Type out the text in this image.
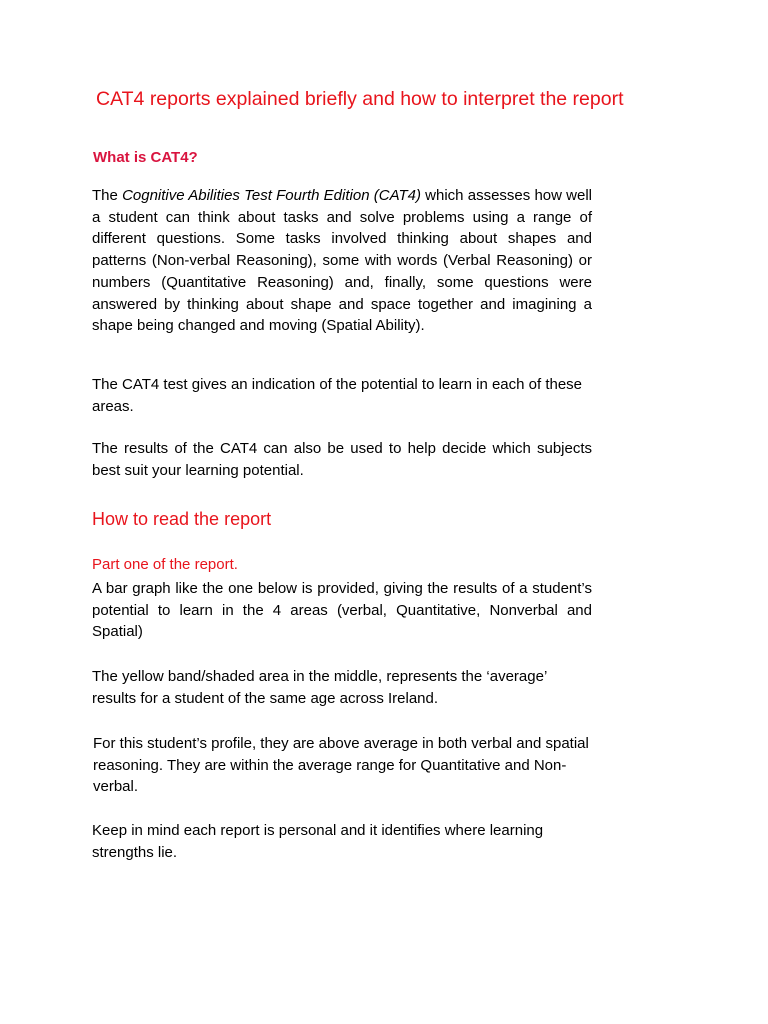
CAT4 reports explained briefly and how to interpret the report
What is CAT4?

The Cognitive Abilities Test Fourth Edition (CAT4) which assesses how well a student can think about tasks and solve problems using a range of different questions. Some tasks involved thinking about shapes and patterns (Non-verbal Reasoning), some with words (Verbal Reasoning) or numbers (Quantitative Reasoning) and, finally, some questions were answered by thinking about shape and space together and imagining a shape being changed and moving (Spatial Ability).

The CAT4 test gives an indication of the potential to learn in each of these areas.

The results of the CAT4 can also be used to help decide which subjects best suit your learning potential.

How to read the report
Part one of the report.

A bar graph like the one below is provided, giving the results of a student’s potential to learn in the 4 areas (verbal, Quantitative, Nonverbal and Spatial)

The yellow band/shaded area in the middle, represents the ‘average’ results for a student of the same age across Ireland.

For this student’s profile, they are above average in both verbal and spatial reasoning. They are within the average range for Quantitative and Non-verbal.

Keep in mind each report is personal and it identifies where learning strengths lie.
